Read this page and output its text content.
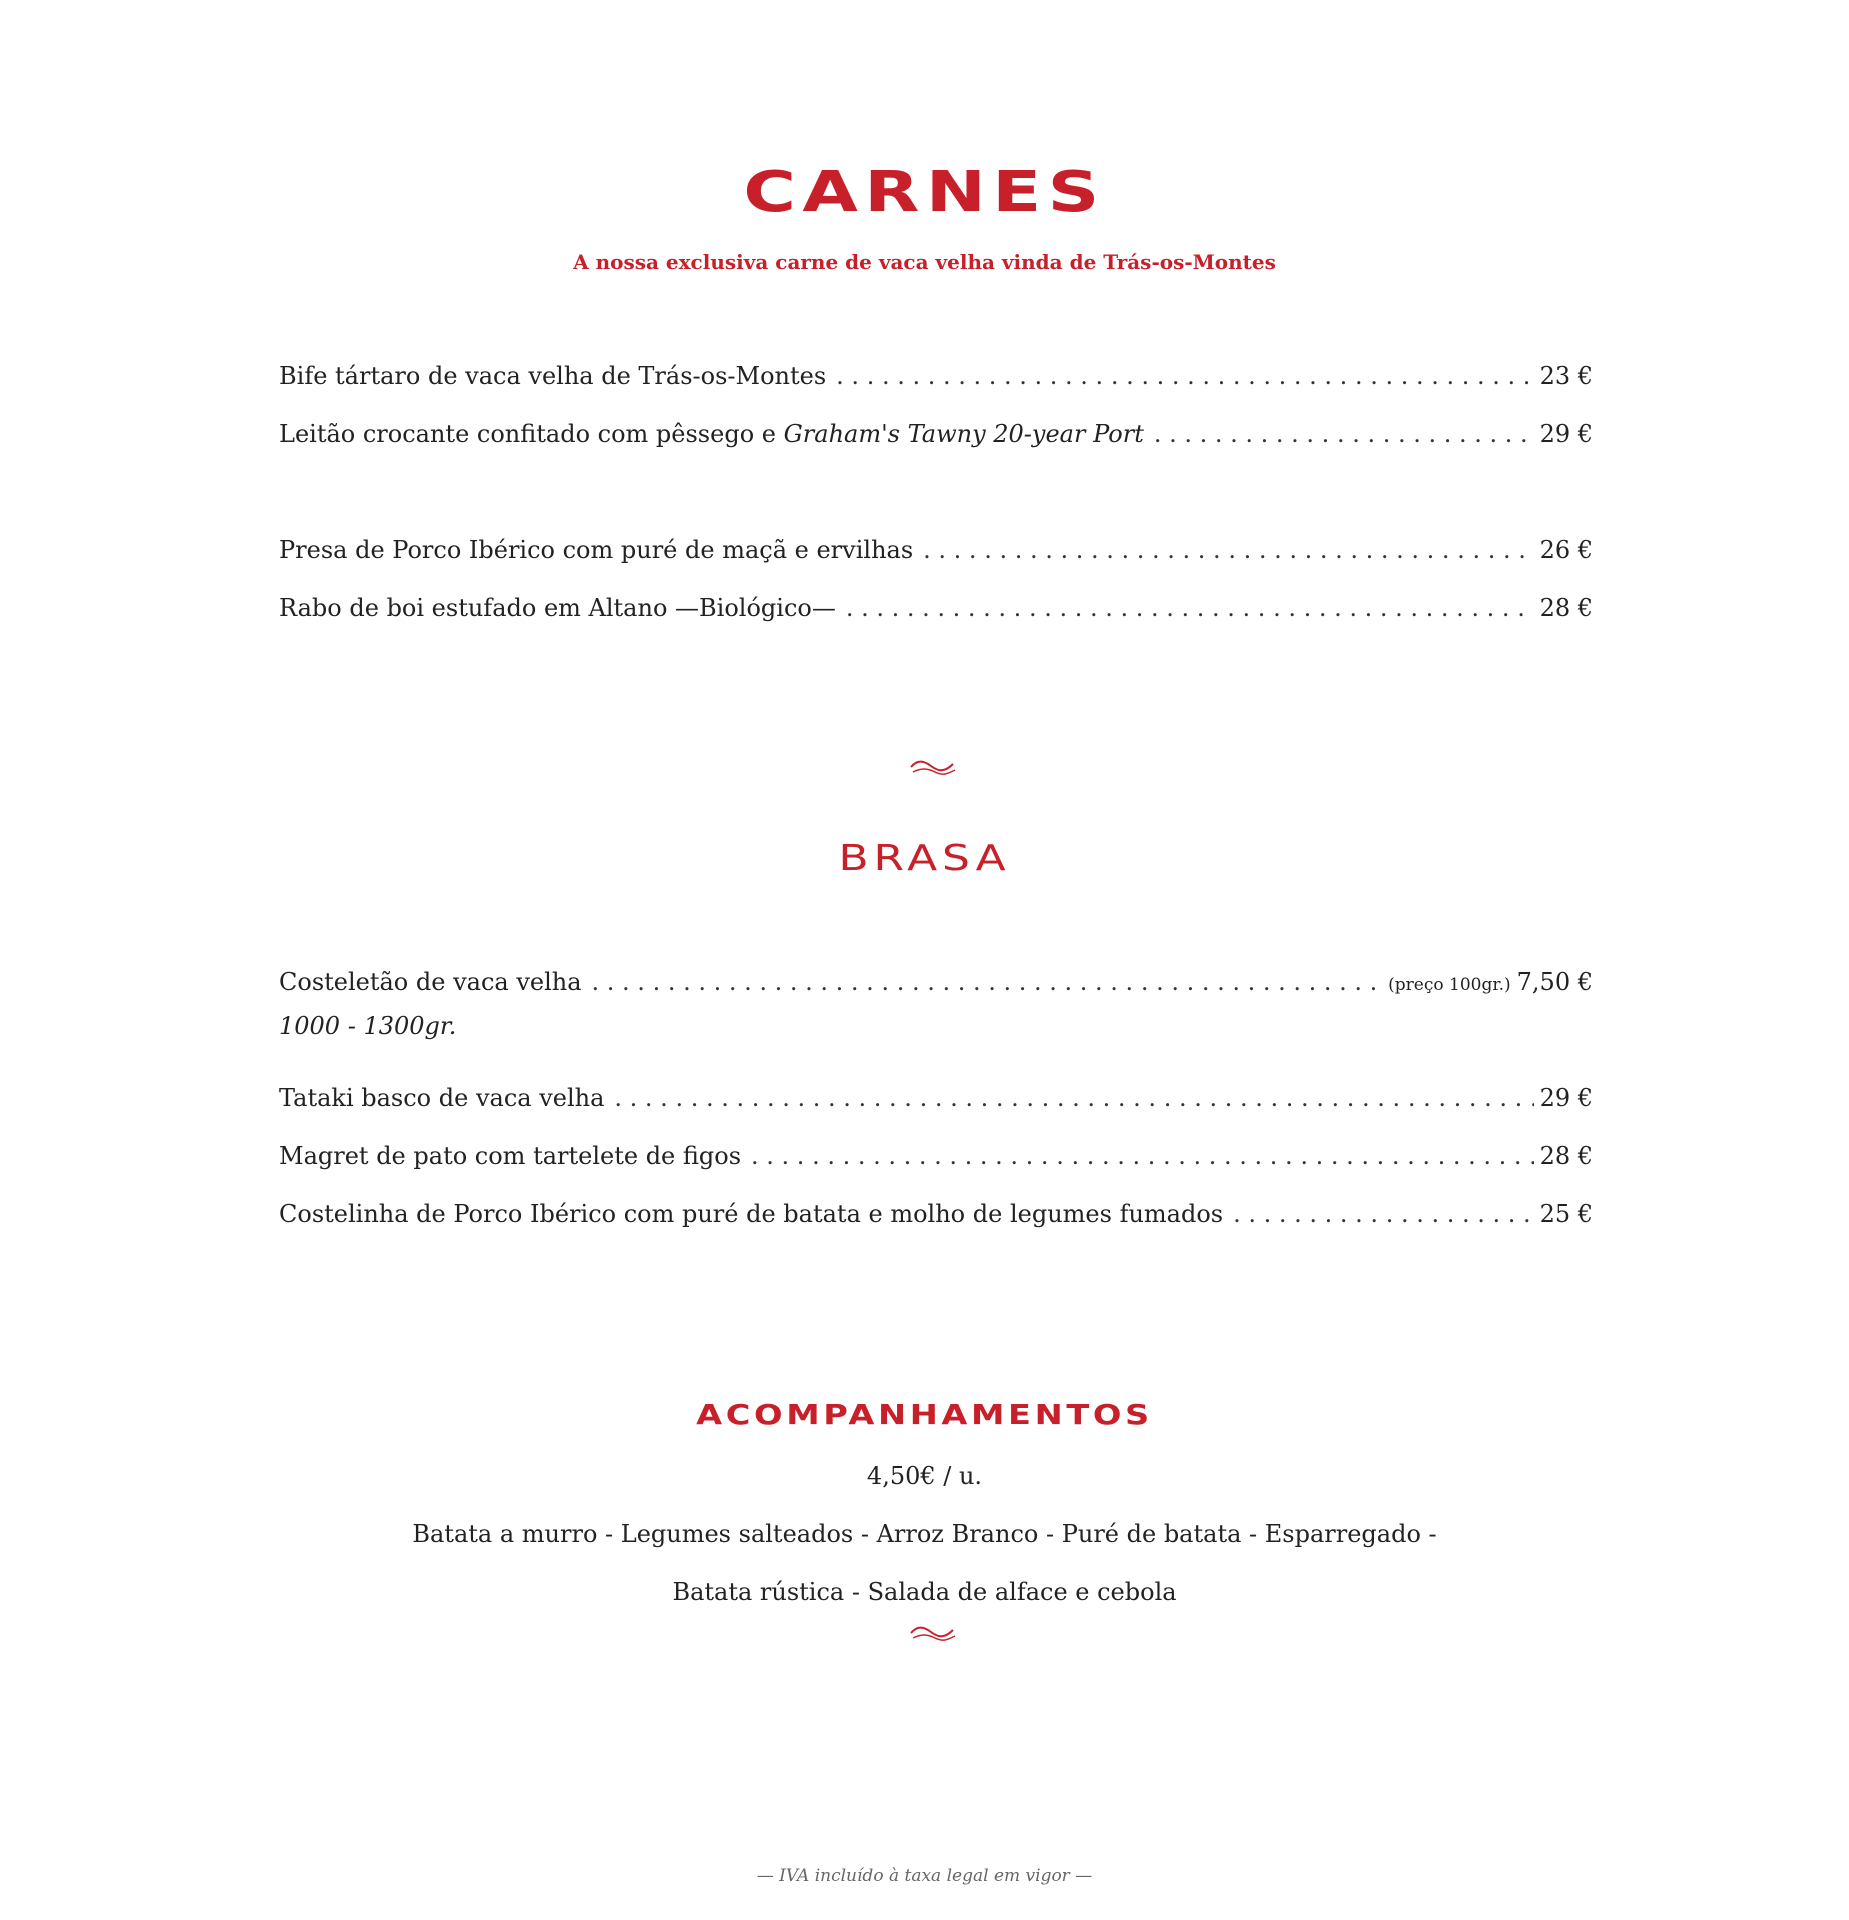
CARNES
A nossa exclusiva carne de vaca velha vinda de Trás-os-Montes
Bife tártaro de vaca velha de Trás-os-Montes . . .	23 €
Leitão crocante confitado com pêssego e Graham's Tawny 20-year Port . . .	29 €
Presa de Porco Ibérico com puré de maçã e ervilhas . . .	26 €
Rabo de boi estufado em Altano —Biológico— . . .	28 €
BRASA
Costeletão de vaca velha . . .	(preço 100gr.) 7,50 €
1000 - 1300gr.
Tataki basco de vaca velha . . .	29 €
Magret de pato com tartelete de figos . . .	28 €
Costelinha de Porco Ibérico com puré de batata e molho de legumes fumados . . .	25 €
ACOMPANHAMENTOS
4,50€ / u.
Batata a murro - Legumes salteados - Arroz Branco - Puré de batata - Esparregado -
Batata rústica - Salada de alface e cebola
— IVA incluído à taxa legal em vigor —
